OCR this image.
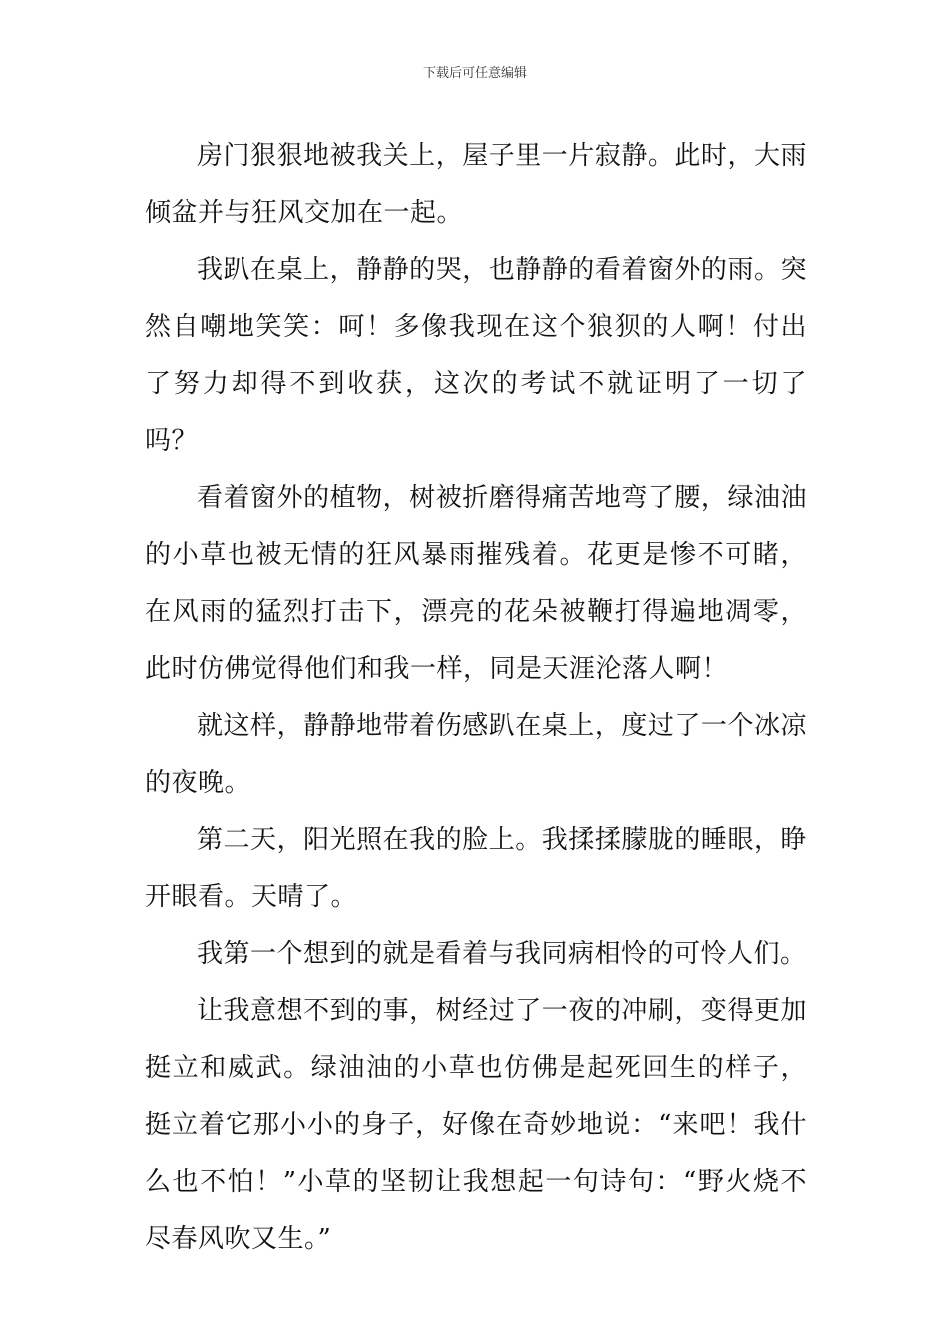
下载后可任意编辑

房门狠狠地被我关上，屋子里一片寂静。此时，大雨倾盆并与狂风交加在一起。

我趴在桌上，静静的哭，也静静的看着窗外的雨。突然自嘲地笑笑：呵！多像我现在这个狼狈的人啊！付出了努力却得不到收获，这次的考试不就证明了一切了吗？

看着窗外的植物，树被折磨得痛苦地弯了腰，绿油油的小草也被无情的狂风暴雨摧残着。花更是惨不可睹，在风雨的猛烈打击下，漂亮的花朵被鞭打得遍地凋零，此时仿佛觉得他们和我一样，同是天涯沦落人啊！

就这样，静静地带着伤感趴在桌上，度过了一个冰凉的夜晚。

第二天，阳光照在我的脸上。我揉揉朦胧的睡眼，睁开眼看。天晴了。

我第一个想到的就是看着与我同病相怜的可怜人们。

让我意想不到的事，树经过了一夜的冲刷，变得更加挺立和威武。绿油油的小草也仿佛是起死回生的样子，挺立着它那小小的身子，好像在奇妙地说：“来吧！我什么也不怕！”小草的坚韧让我想起一句诗句：“野火烧不尽春风吹又生。”
